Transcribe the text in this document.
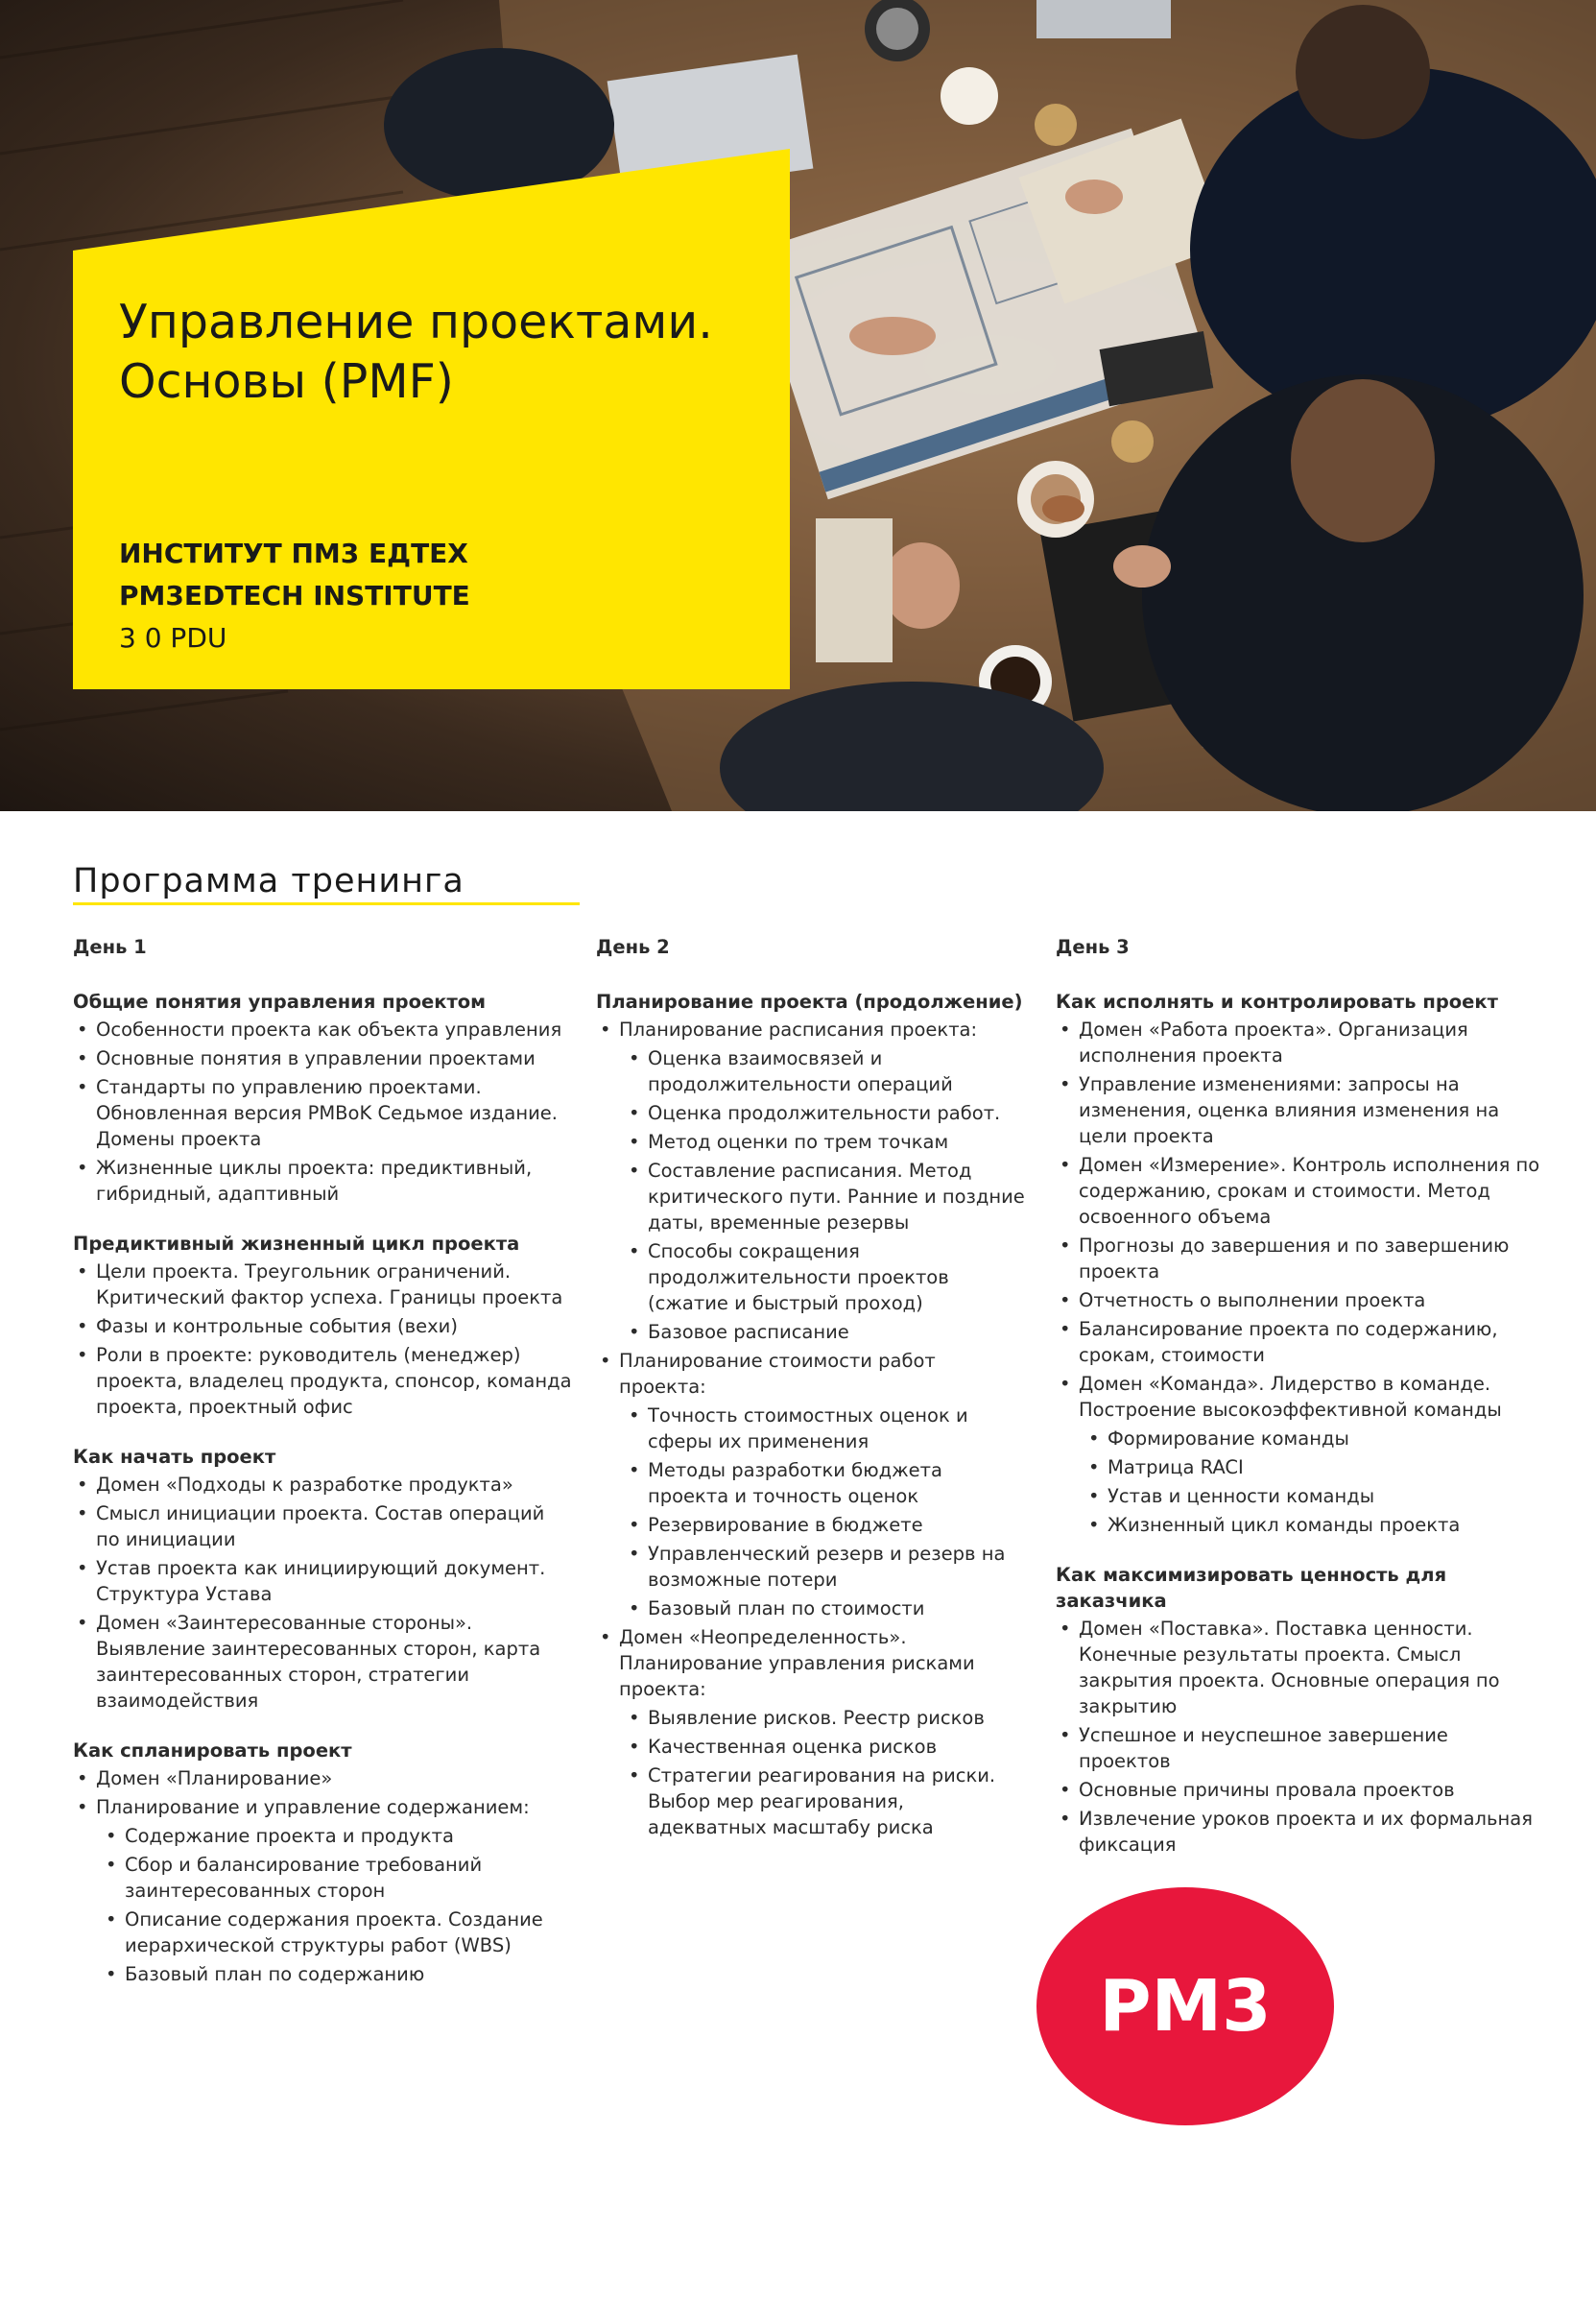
Управление проектами.
Основы (PMF)
ИНСТИТУТ ПМ3 ЕДТЕХ
PM3EDTECH INSTITUTE
3 0 PDU
Программа тренинга
День 1
Общие понятия управления проектом
• Особенности проекта как объекта управления
• Основные понятия в управлении проектами
• Стандарты по управлению проектами. Обновленная версия PMBoK Седьмое издание. Домены проекта
• Жизненные циклы проекта: предиктивный, гибридный, адаптивный
Предиктивный жизненный цикл проекта
• Цели проекта. Треугольник ограничений. Критический фактор успеха. Границы проекта
• Фазы и контрольные события (вехи)
• Роли в проекте: руководитель (менеджер) проекта, владелец продукта, спонсор, команда проекта, проектный офис
Как начать проект
• Домен «Подходы к разработке продукта»
• Смысл инициации проекта. Состав операций по инициации
• Устав проекта как инициирующий документ. Структура Устава
• Домен «Заинтересованные стороны». Выявление заинтересованных сторон, карта заинтересованных сторон, стратегии взаимодействия
Как спланировать проект
• Домен «Планирование»
• Планирование и управление содержанием:
• Содержание проекта и продукта
• Сбор и балансирование требований заинтересованных сторон
• Описание содержания проекта. Создание иерархической структуры работ (WBS)
• Базовый план по содержанию
День 2
Планирование проекта (продолжение)
• Планирование расписания проекта:
• Оценка взаимосвязей и продолжительности операций
• Оценка продолжительности работ.
• Метод оценки по трем точкам
• Составление расписания. Метод критического пути. Ранние и поздние даты, временные резервы
• Способы сокращения продолжительности проектов (сжатие и быстрый проход)
• Базовое расписание
• Планирование стоимости работ проекта:
• Точность стоимостных оценок и сферы их применения
• Методы разработки бюджета проекта и точность оценок
• Резервирование в бюджете
• Управленческий резерв и резерв на возможные потери
• Базовый план по стоимости
• Домен «Неопределенность». Планирование управления рисками проекта:
• Выявление рисков. Реестр рисков
• Качественная оценка рисков
• Стратегии реагирования на риски. Выбор мер реагирования, адекватных масштабу риска
День 3
Как исполнять и контролировать проект
• Домен «Работа проекта». Организация исполнения проекта
• Управление изменениями: запросы на изменения, оценка влияния изменения на цели проекта
• Домен «Измерение». Контроль исполнения по содержанию, срокам и стоимости. Метод освоенного объема
• Прогнозы до завершения и по завершению проекта
• Отчетность о выполнении проекта
• Балансирование проекта по содержанию, срокам, стоимости
• Домен «Команда». Лидерство в команде. Построение высокоэффективной команды
• Формирование команды
• Матрица RACI
• Устав и ценности команды
• Жизненный цикл команды проекта
Как максимизировать ценность для заказчика
• Домен «Поставка». Поставка ценности. Конечные результаты проекта. Смысл закрытия проекта. Основные операция по закрытию
• Успешное и неуспешное завершение проектов
• Основные причины провала проектов
• Извлечение уроков проекта и их формальная фиксация
PM3
